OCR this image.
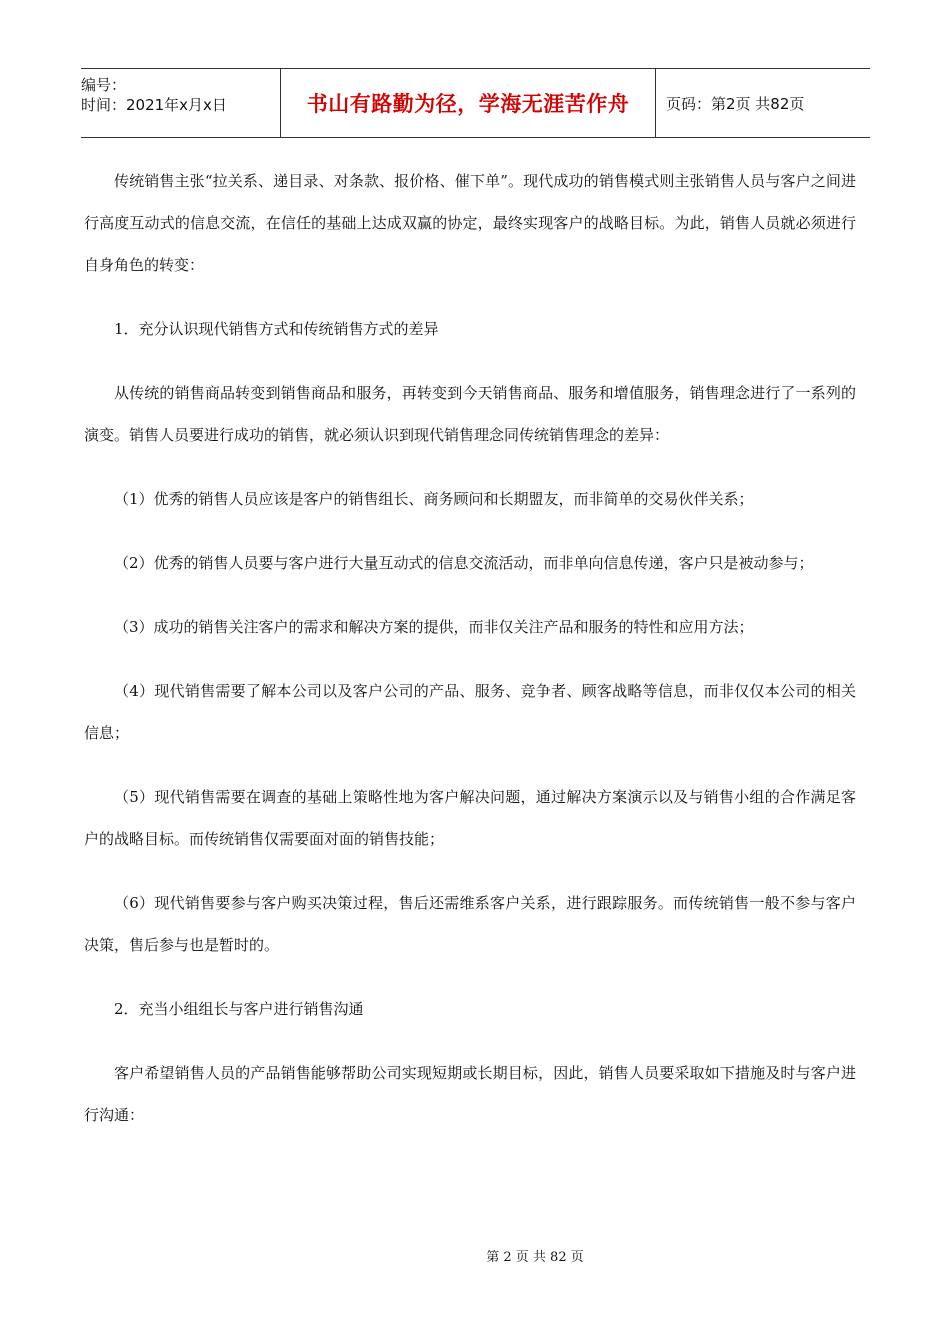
编号：
时间：2021年x月x日	书山有路勤为径，学海无涯苦作舟	页码：第2页 共82页

传统销售主张“拉关系、递目录、对条款、报价格、催下单”。现代成功的销售模式则主张销售人员与客户之间进行高度互动式的信息交流，在信任的基础上达成双赢的协定，最终实现客户的战略目标。为此，销售人员就必须进行自身角色的转变：

1．充分认识现代销售方式和传统销售方式的差异

从传统的销售商品转变到销售商品和服务，再转变到今天销售商品、服务和增值服务，销售理念进行了一系列的演变。销售人员要进行成功的销售，就必须认识到现代销售理念同传统销售理念的差异：

（1）优秀的销售人员应该是客户的销售组长、商务顾问和长期盟友，而非简单的交易伙伴关系；

（2）优秀的销售人员要与客户进行大量互动式的信息交流活动，而非单向信息传递，客户只是被动参与；

（3）成功的销售关注客户的需求和解决方案的提供，而非仅关注产品和服务的特性和应用方法；

（4）现代销售需要了解本公司以及客户公司的产品、服务、竞争者、顾客战略等信息，而非仅仅本公司的相关信息；

（5）现代销售需要在调查的基础上策略性地为客户解决问题，通过解决方案演示以及与销售小组的合作满足客户的战略目标。而传统销售仅需要面对面的销售技能；

（6）现代销售要参与客户购买决策过程，售后还需维系客户关系，进行跟踪服务。而传统销售一般不参与客户决策，售后参与也是暂时的。

2．充当小组组长与客户进行销售沟通

客户希望销售人员的产品销售能够帮助公司实现短期或长期目标，因此，销售人员要采取如下措施及时与客户进行沟通：

第 2 页 共 82 页
